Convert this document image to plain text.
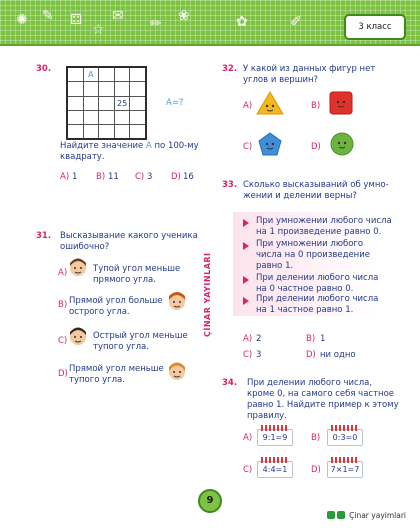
✺ ✎ ⚃ ✉ ✏
☆
❀	✿	✐	3 класс
30.
	A			

			25	

					A=?
Найдите значение A по 100-му
квадрату.
A) 1 B) 11 C) 3 D) 16
31. Высказывание какого ученика
ошибочно?
A)	Тупой угол меньше
прямого угла.
B) Прямой угол больше
острого угла.
C)	Острый угол меньше
тупого угла.
D) Прямой угол меньше
тупого угла.
ÇİNAR YAYINLARI
32. У какой из данных фигур нет
углов и вершин?
A)	B)
C)	D)
33. Сколько высказываний об умно-
жении и делении верны?
При умножении любого числа
на 1 произведение равно 0.
При умножении любого
числа на 0 произведение
равно 1.
При делении любого числа
на 0 частное равно 0.
При делении любого числа
на 1 частное равно 1.
A) 2	B) 1
C) 3	D) ни одно
34. При делении любого числа,
кроме 0, на самого себя частное
равно 1. Найдите пример к этому
правилу.
A)	9:1=9	B)	0:3=0
C)	4:4=1	D)	7×1=7
9
Çinar yayimlari
